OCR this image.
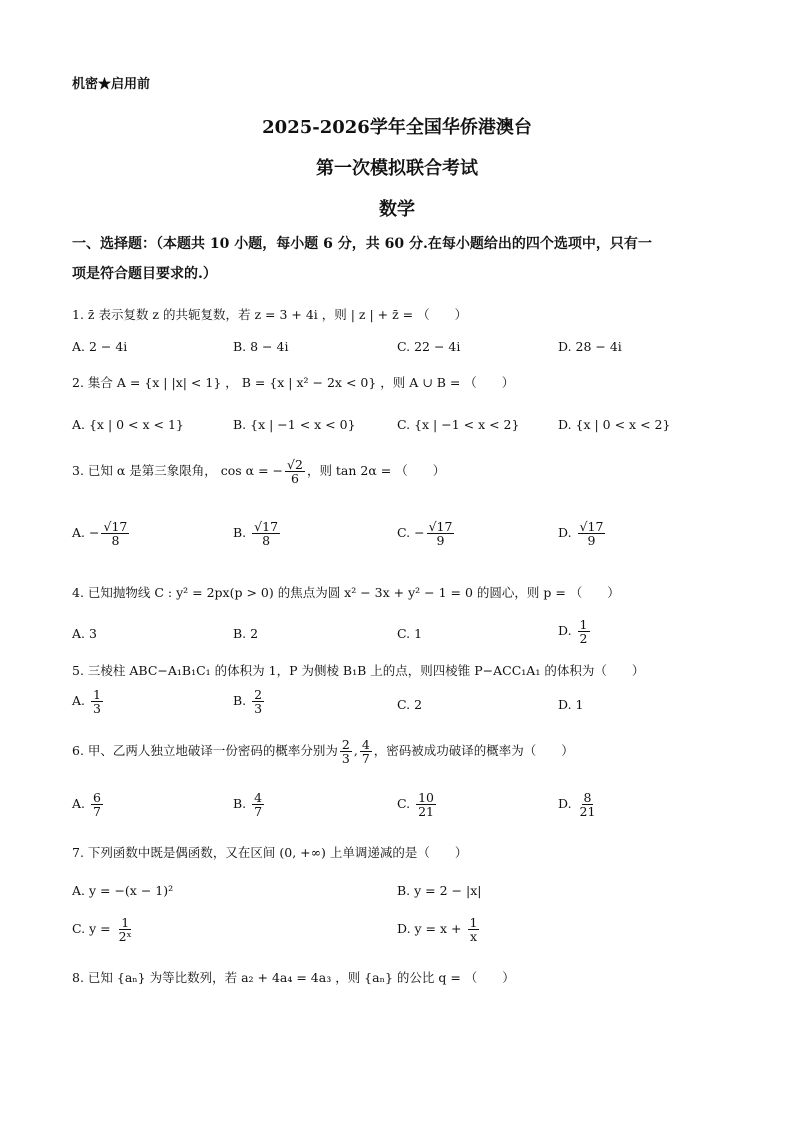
机密★启用前
2025-2026学年全国华侨港澳台
第一次模拟联合考试
数学
一、选择题：（本题共 10 小题，每小题 6 分，共 60 分.在每小题给出的四个选项中，只有一
项是符合题目要求的.）
1. z̄ 表示复数 z 的共轭复数，若 z = 3 + 4i ，则 | z | + z̄ = （　　）
A. 2 − 4i	B. 8 − 4i	C. 22 − 4i	D. 28 − 4i
2. 集合 A = {x | |x| < 1} ， B = {x | x² − 2x < 0} ，则 A ∪ B = （　　）
A. {x | 0 < x < 1}	B. {x | −1 < x < 0}	C. {x | −1 < x < 2}	D. {x | 0 < x < 2}
3. 已知 α 是第三象限角， cos α = − $\frac{√2}{6}$ ，则 tan 2α = （　　）
A. − $\frac{√17}{8}$	B. $\frac{√17}{8}$	C. − $\frac{√17}{9}$	D. $\frac{√17}{9}$
4. 已知抛物线 C : y² = 2px(p > 0) 的焦点为圆 x² − 3x + y² − 1 = 0 的圆心，则 p = （　　）
A. 3	B. 2	C. 1	D. $\frac{1}{2}$
5. 三棱柱 ABC−A₁B₁C₁ 的体积为 1，P 为侧棱 B₁B 上的点，则四棱锥 P−ACC₁A₁ 的体积为（　　）
A. $\frac{1}{3}$	B. $\frac{2}{3}$	C. 2	D. 1
6. 甲、乙两人独立地破译一份密码的概率分别为 $\frac{2}{3}$ , $\frac{4}{7}$ ，密码被成功破译的概率为（　　）
A. $\frac{6}{7}$	B. $\frac{4}{7}$	C. $\frac{10}{21}$	D. $\frac{8}{21}$
7. 下列函数中既是偶函数，又在区间 (0, +∞) 上单调递减的是（　　）
A. y = −(x − 1)²	B. y = 2 − |x|
C. $y = \frac{1}{\text{2ˣ}}$	D. $y = x + \frac{1}{x}$
8. 已知 {aₙ} 为等比数列，若 a₂ + 4a₄ = 4a₃ ，则 {aₙ} 的公比 q = （　　）
